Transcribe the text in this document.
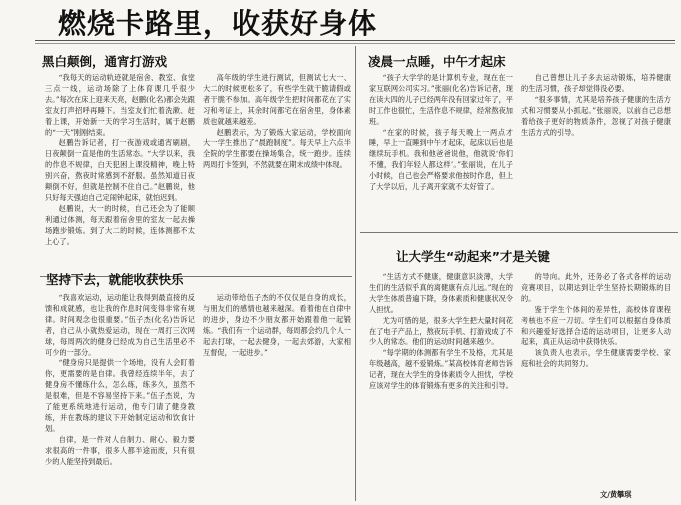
燃烧卡路里，收获好身体
黑白颠倒，通宵打游戏

“我每天的运动轨迹就是宿舍、教室、食堂三点一线，运动场除了上体育课几乎很少去。”每次在床上迎来天亮，赵鹏(化名)都会先跟室友打声招呼再睡下。当室友们忙着洗漱、赶着上课，开始新一天的学习生活时，属于赵鹏的“一天”刚刚结束。

赵鹏告诉记者，打一夜游戏或通宵刷剧，日夜颠倒一直是他的生活常态。“大学以来，我的作息不规律，白天犯困上课没精神，晚上特别兴奋，熬夜时常感到不舒服。虽然知道日夜颠倒不好，但就是控制不住自己。”赵鹏说，他只好每天强迫自己定闹钟起床，就怕迟到。

赵鹏说，大一的时候，自己还会为了能顺利通过体测，每天跟着宿舍里的室友一起去操场跑步锻炼。到了大二的时候，连体测都不太上心了。

高年级的学生进行测试，但测试七大一、大二的时候更松多了，有些学生就干脆请假或者干脆不参加。高年级学生把时间都花在了实习和考证上，其余时间都宅在宿舍里，身体素质也就越来越差。

赵鹏表示，为了锻炼大家运动，学校面向大一学生推出了“晨跑制度”。每天早上六点半全院的学生都要在操场集合，统一跑步。连续两周打卡签到，不然就要在期末成绩中体现。

坚持下去，就能收获快乐

“我喜欢运动，运动能让我得到最直接的反馈和成就感，也让我的作息时间变得非常有规律。时间观念也很重要。”伍子杰(化名)告诉记者，自己从小就热爱运动，现在一周打三次网球，每周两次的健身已经成为自己生活里必不可少的一部分。

“健身房只是提供一个场地，没有人会盯着你，更需要的是自律。我曾经连续半年，去了健身房不懂练什么，怎么练，练多久，虽然不是很难，但是不容易坚持下来。”伍子杰说，为了能更系统地进行运动，他专门请了健身教练，并在教练的建议下开始制定运动和饮食计划。

自律，是一件对人自制力、耐心、毅力要求很高的一件事，很多人都半途而废，只有很少的人能坚持到最后。

运动带给伍子杰的不仅仅是自身的成长，与朋友们的感情也越来越深。看着他在自律中的进步，身边不少朋友都开始跟着他一起锻炼。“我们有一个运动群，每周都会约几个人一起去打球，一起去健身，一起去郊游，大家相互督促，一起进步。”

凌晨一点睡，中午才起床

“孩子大学学的是计算机专业，现在在一家互联网公司实习。”张丽(化名)告诉记者，现在读大四的儿子已经两年没有回家过年了，平时工作也很忙，生活作息不规律，经常熬夜加班。

“在家的时候，孩子每天晚上一两点才睡，早上一直睡到中午才起床，起床以后也是继续玩手机。我和他爸爸说他，他就说‘你们不懂，我们年轻人都这样’。”张丽说，在儿子小时候，自己也会严格要求他按时作息，但上了大学以后，儿子离开家就不太好管了。

自己曾想让儿子多去运动锻炼，培养健康的生活习惯，孩子却觉得没必要。

“很多事情，尤其是培养孩子健康的生活方式和习惯要从小抓起。”张丽说，以前自己总想着给孩子更好的物质条件，忽视了对孩子健康生活方式的引导。

让大学生“动起来”才是关键

“生活方式不健康，健康意识淡薄，大学生们的生活似乎真的离健康有点儿远。”现在的大学生体质普遍下降，身体素质和健康状况令人担忧。

尤为可惜的是，很多大学生把大量时间花在了电子产品上，熬夜玩手机、打游戏成了不少人的常态。他们的运动时间越来越少。

“每学期的体测都有学生不及格，尤其是年级越高，越不爱锻炼。”某高校体育老师告诉记者，现在大学生的身体素质令人担忧，学校应该对学生的体育锻炼有更多的关注和引导。

的导向。此外，还务必了各式各样的运动竞赛项目，以期达到让学生坚持长期锻炼的目的。

鉴于学生个体间的差异性，高校体育课程考核也不应一刀切。学生们可以根据自身体质和兴趣爱好选择合适的运动项目，让更多人动起来，真正从运动中获得快乐。

该负责人也表示，学生健康需要学校、家庭和社会的共同努力。

文/黄攀琪
